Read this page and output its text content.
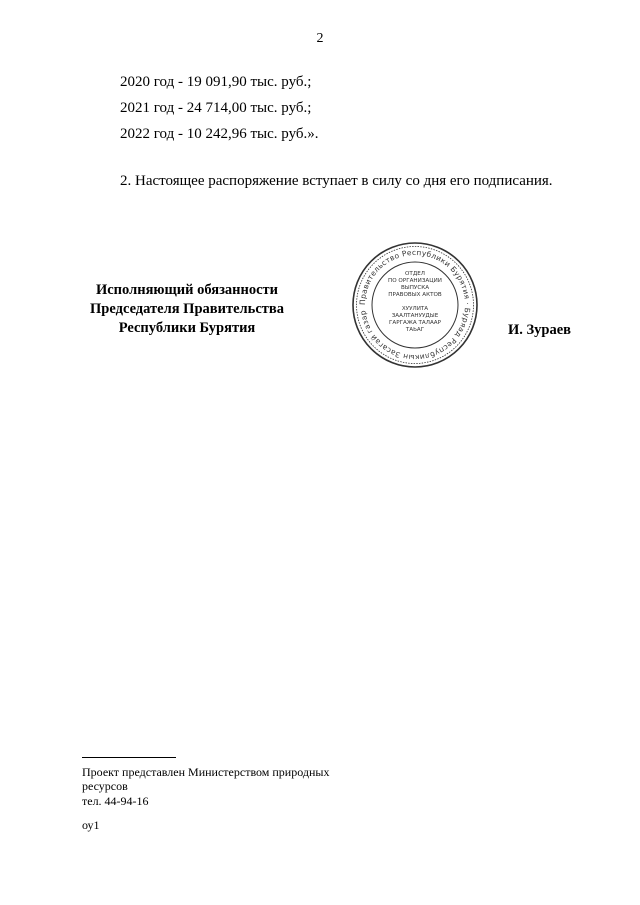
2
2020 год - 19 091,90 тыс. руб.;
2021 год - 24 714,00 тыс. руб.;
2022 год - 10 242,96 тыс. руб.».
2. Настоящее распоряжение вступает в силу со дня его подписания.
Исполняющий обязанности
Председателя Правительства
Республики Бурятия
Правительство Республики Бурятия · Буряад Республикын Засагай газар
ОТДЕЛ
ПО ОРГАНИЗАЦИИ
ВЫПУСКА
ПРАВОВЫХ АКТОВ
ХУУЛИТА
ЗААЛТАНУУДЫЕ
ГАРГАЖА ТАЛААР
ТАЬАГ	И. Зураев
Проект представлен Министерством природных
ресурсов
тел. 44-94-16
оу1
